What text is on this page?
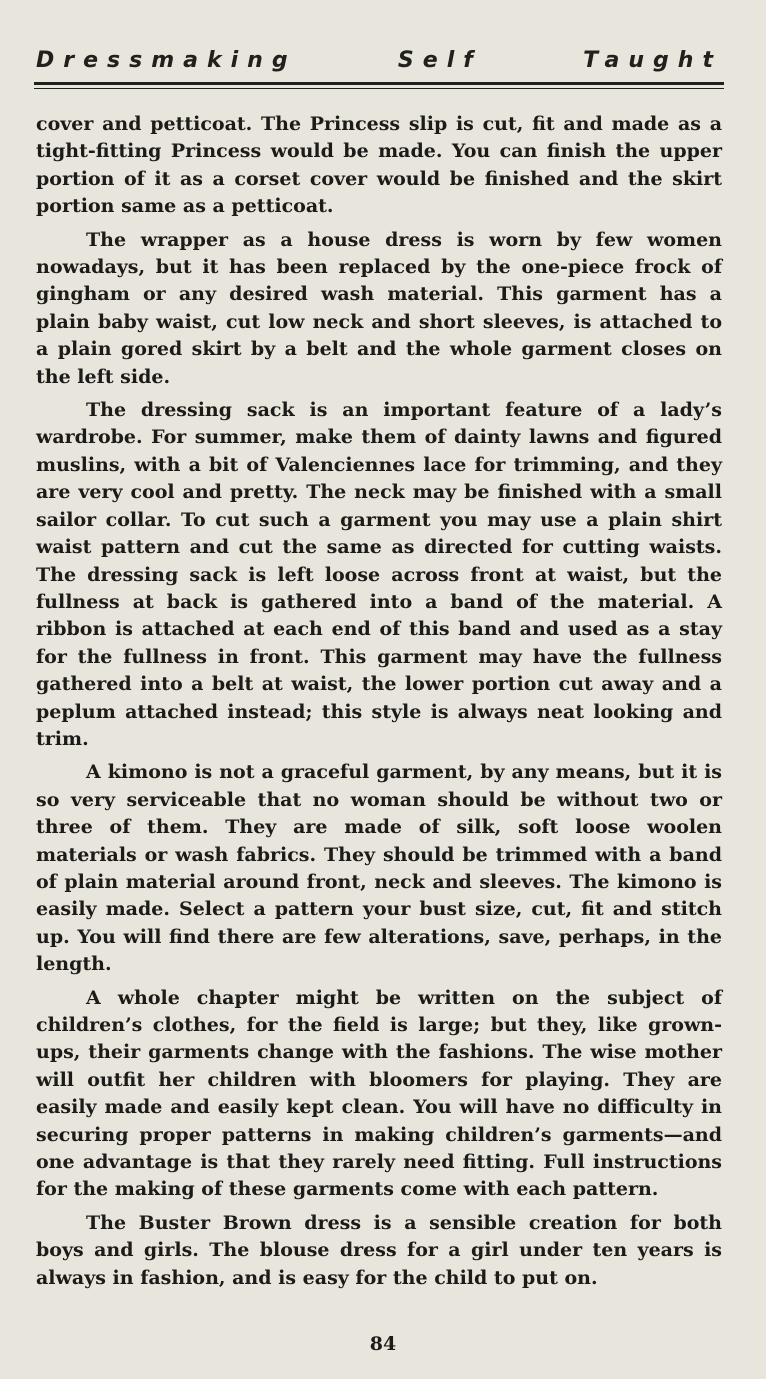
Dressmaking	Self	Taught

cover and petticoat. The Princess slip is cut, fit and made as a tight-fitting Princess would be made. You can finish the upper portion of it as a corset cover would be finished and the skirt portion same as a petticoat.

The wrapper as a house dress is worn by few women nowadays, but it has been replaced by the one-piece frock of gingham or any desired wash material. This garment has a plain baby waist, cut low neck and short sleeves, is attached to a plain gored skirt by a belt and the whole garment closes on the left side.

The dressing sack is an important feature of a lady’s wardrobe. For summer, make them of dainty lawns and figured muslins, with a bit of Valenciennes lace for trimming, and they are very cool and pretty. The neck may be finished with a small sailor collar. To cut such a garment you may use a plain shirt waist pattern and cut the same as directed for cutting waists. The dressing sack is left loose across front at waist, but the fullness at back is gathered into a band of the material. A ribbon is attached at each end of this band and used as a stay for the fullness in front. This garment may have the fullness gathered into a belt at waist, the lower portion cut away and a peplum attached instead; this style is always neat looking and trim.

A kimono is not a graceful garment, by any means, but it is so very serviceable that no woman should be without two or three of them. They are made of silk, soft loose woolen materials or wash fabrics. They should be trimmed with a band of plain material around front, neck and sleeves. The kimono is easily made. Select a pattern your bust size, cut, fit and stitch up. You will find there are few alterations, save, perhaps, in the length.

A whole chapter might be written on the subject of children’s clothes, for the field is large; but they, like grown-ups, their garments change with the fashions. The wise mother will outfit her children with bloomers for playing. They are easily made and easily kept clean. You will have no difficulty in securing proper patterns in making children’s garments—and one advantage is that they rarely need fitting. Full instructions for the making of these garments come with each pattern.

The Buster Brown dress is a sensible creation for both boys and girls. The blouse dress for a girl under ten years is always in fashion, and is easy for the child to put on.

84
